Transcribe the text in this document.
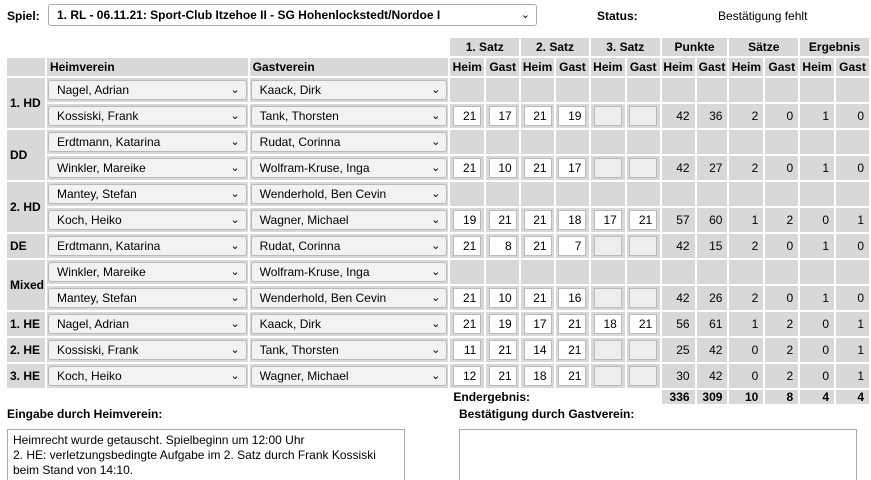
Spiel:	1. RL - 06.11.21: Sport-Club Itzehoe II - SG Hohenlockstedt/Nordoe I	⌄	Status:	Bestätigung fehlt
			1. Satz		2. Satz		3. Satz		Punkte		Sätze		Ergebnis	
	Heimverein	Gastverein	Heim	Gast	Heim	Gast	Heim	Gast	Heim	Gast	Heim	Gast	Heim	Gast
1. HD	Nagel, Adrian ⌄	Kaack, Dirk ⌄												

	Kossiski, Frank ⌄	Tank, Thorsten ⌄	21	17	21	19			42	36	2	0	1	0
DD	Erdtmann, Katarina ⌄	Rudat, Corinna ⌄												

	Winkler, Mareike ⌄	Wolfram-Kruse, Inga ⌄	21	10	21	17			42	27	2	0	1	0
2. HD	Mantey, Stefan ⌄	Wenderhold, Ben Cevin ⌄												

	Koch, Heiko ⌄	Wagner, Michael ⌄	19	21	21	18	17	21	57	60	1	2	0	1
DE	Erdtmann, Katarina ⌄	Rudat, Corinna ⌄	21	8	21	7			42	15	2	0	1	0
Mixed	Winkler, Mareike ⌄	Wolfram-Kruse, Inga ⌄												

	Mantey, Stefan ⌄	Wenderhold, Ben Cevin ⌄	21	10	21	16			42	26	2	0	1	0
1. HE	Nagel, Adrian ⌄	Kaack, Dirk ⌄	21	19	17	21	18	21	56	61	1	2	0	1
2. HE	Kossiski, Frank ⌄	Tank, Thorsten ⌄	11	21	14	21			25	42	0	2	0	1
3. HE	Koch, Heiko ⌄	Wagner, Michael ⌄	12	21	18	21			30	42	0	2	0	1
			Endergebnis:						336	309	10	8	4	4
Eingabe durch Heimverein:	Bestätigung durch Gastverein:
Heimrecht wurde getauscht. Spielbeginn um 12:00 Uhr
2. HE: verletzungsbedingte Aufgabe im 2. Satz durch Frank Kossiski
beim Stand von 14:10.
